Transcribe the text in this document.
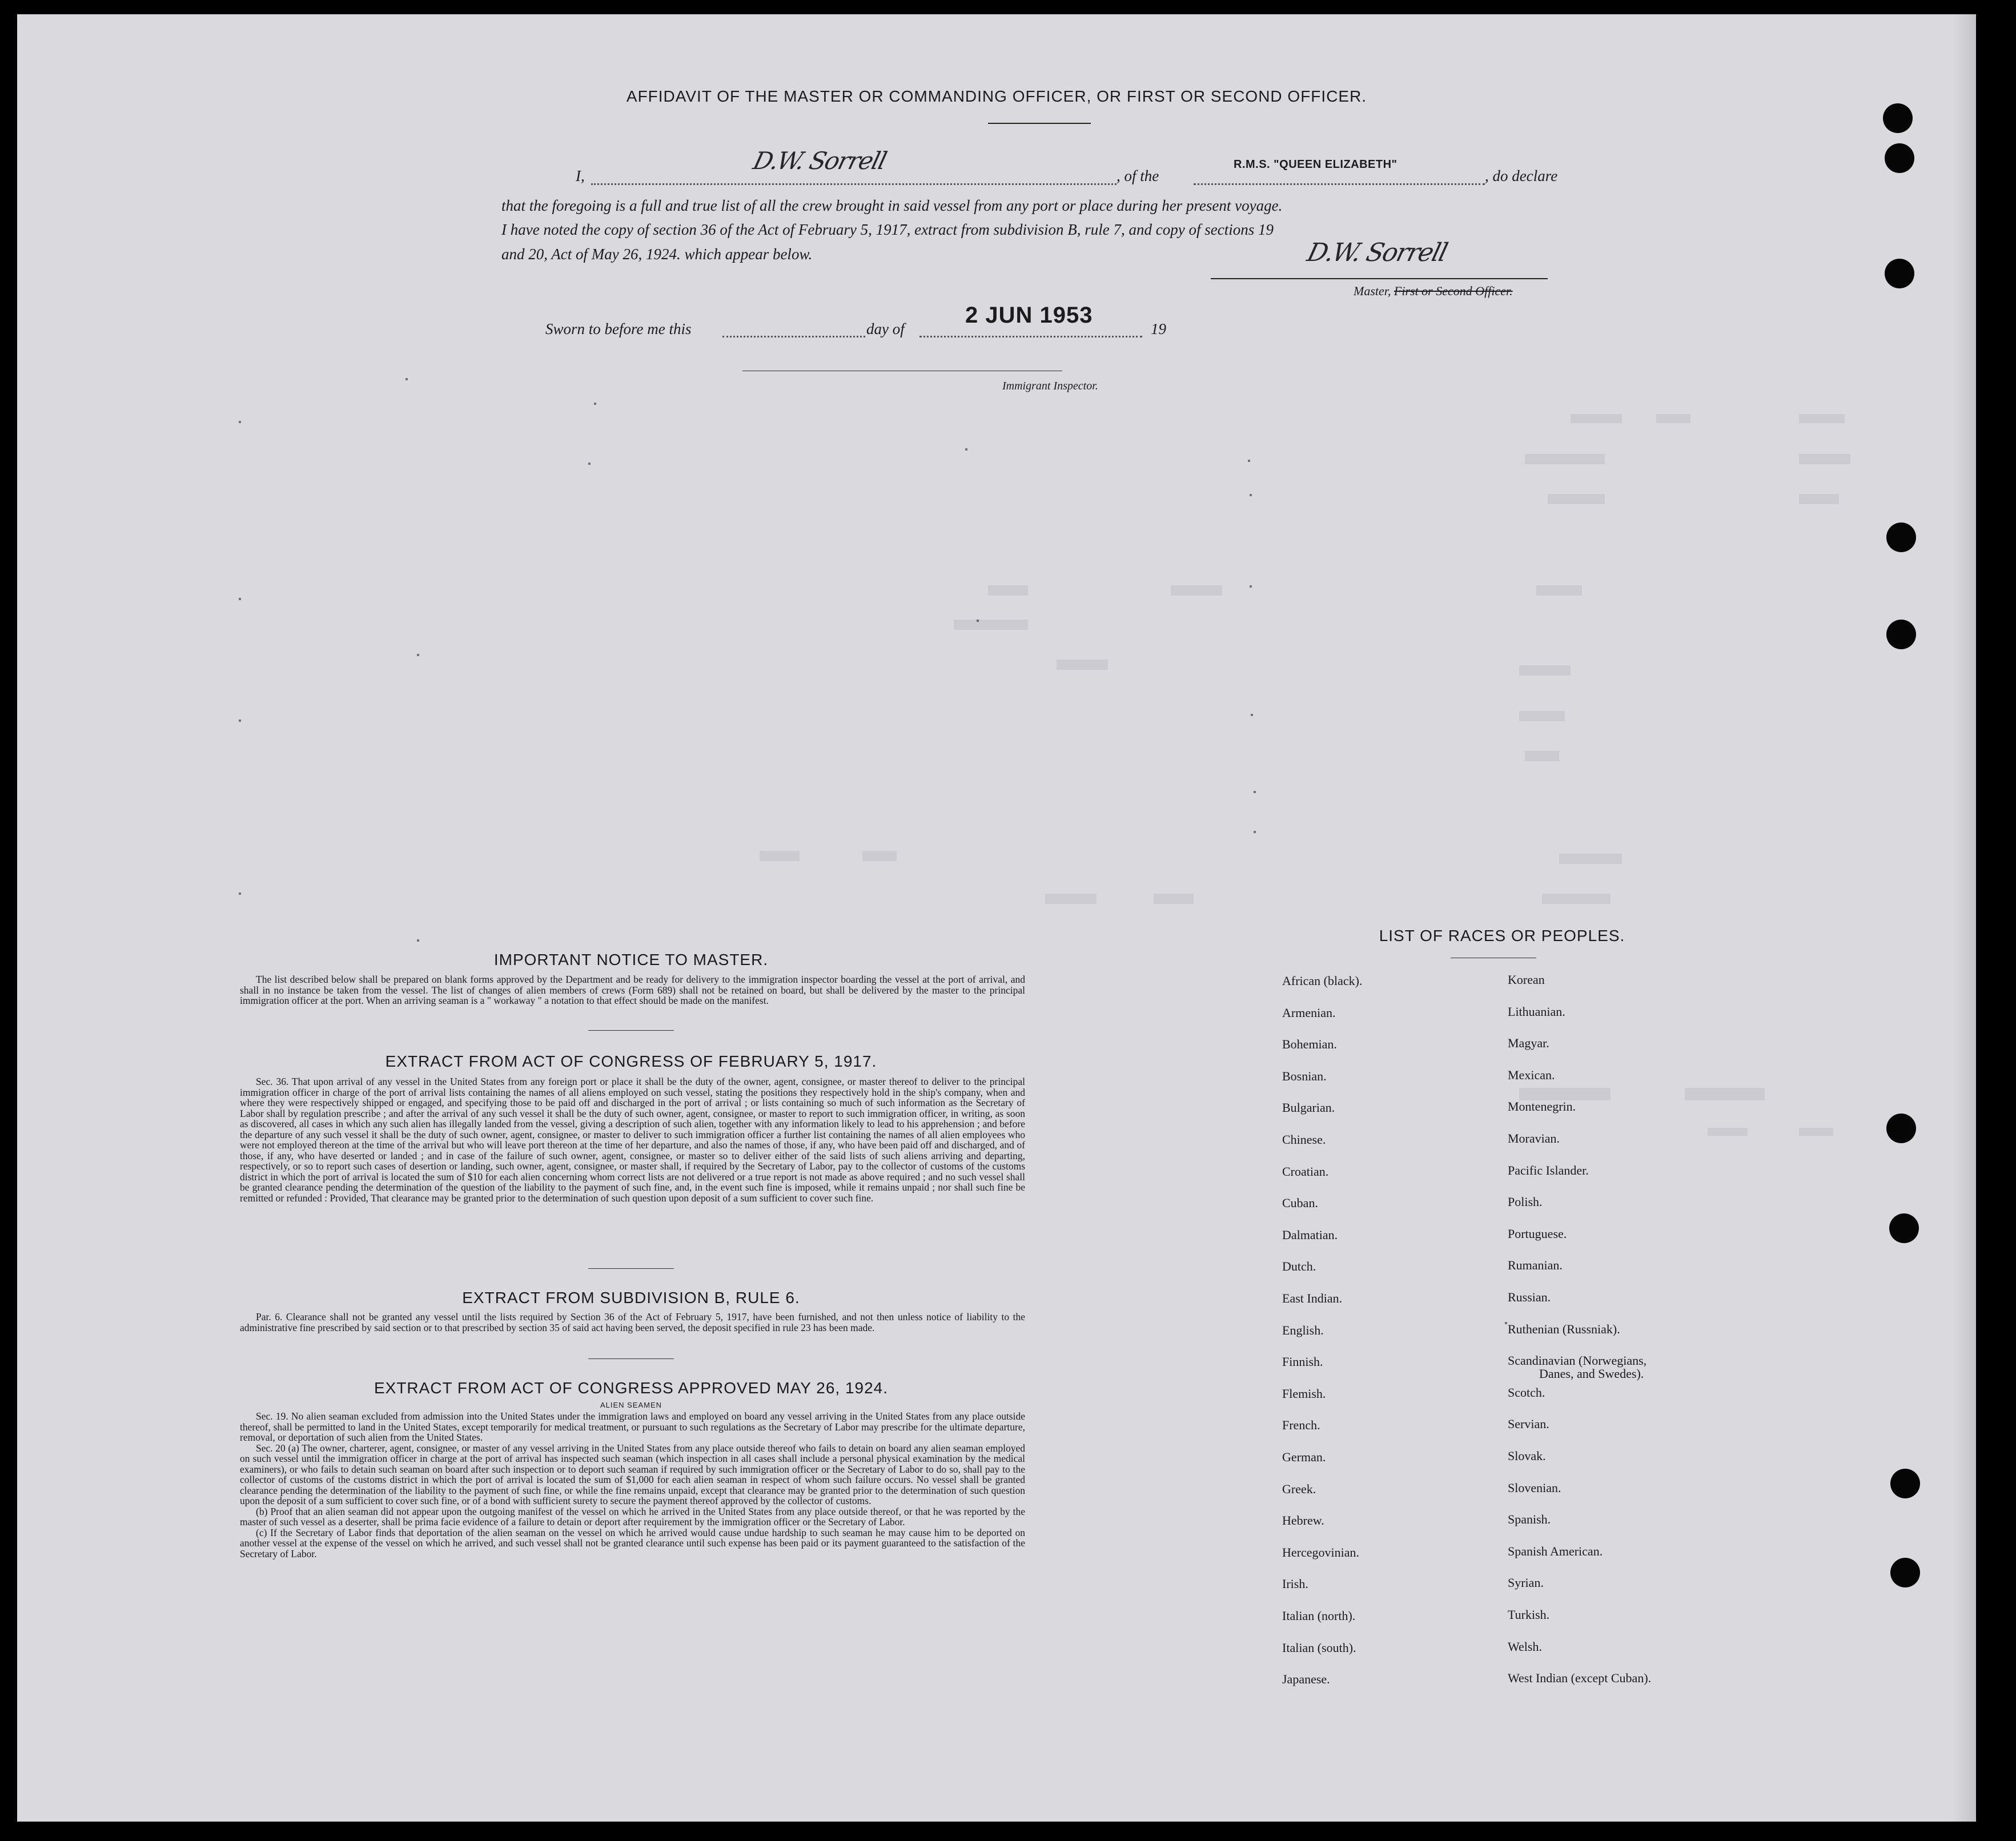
AFFIDAVIT OF THE MASTER OR COMMANDING OFFICER, OR FIRST OR SECOND OFFICER.
I,
D.W. Sorrell
, of the
R.M.S. "QUEEN ELIZABETH"
, do declare
that the foregoing is a full and true list of all the crew brought in said vessel from any port or place during her present voyage.
I have noted the copy of section 36 of the Act of February 5, 1917, extract from subdivision B, rule 7, and copy of sections 19
and 20, Act of May 26, 1924. which appear below.	D.W. Sorrell
Master, First or Second Officer.
Sworn to before me this	day of
2 JUN 1953
19
Immigrant Inspector.
IMPORTANT NOTICE TO MASTER.
The list described below shall be prepared on blank forms approved by the Department and be ready for delivery to the immigration inspector boarding the vessel at the port of arrival, and shall in no instance be taken from the vessel. The list of changes of alien members of crews (Form 689) shall not be retained on board, but shall be delivered by the master to the principal immigration officer at the port. When an arriving seaman is a " workaway " a notation to that effect should be made on the manifest.
EXTRACT FROM ACT OF CONGRESS OF FEBRUARY 5, 1917.
Sec. 36. That upon arrival of any vessel in the United States from any foreign port or place it shall be the duty of the owner, agent, consignee, or master thereof to deliver to the principal immigration officer in charge of the port of arrival lists containing the names of all aliens employed on such vessel, stating the positions they respectively hold in the ship's company, when and where they were respectively shipped or engaged, and specifying those to be paid off and discharged in the port of arrival ; or lists containing so much of such information as the Secretary of Labor shall by regulation prescribe ; and after the arrival of any such vessel it shall be the duty of such owner, agent, consignee, or master to report to such immigration officer, in writing, as soon as discovered, all cases in which any such alien has illegally landed from the vessel, giving a description of such alien, together with any information likely to lead to his apprehension ; and before the departure of any such vessel it shall be the duty of such owner, agent, consignee, or master to deliver to such immigration officer a further list containing the names of all alien employees who were not employed thereon at the time of the arrival but who will leave port thereon at the time of her departure, and also the names of those, if any, who have been paid off and discharged, and of those, if any, who have deserted or landed ; and in case of the failure of such owner, agent, consignee, or master so to deliver either of the said lists of such aliens arriving and departing, respectively, or so to report such cases of desertion or landing, such owner, agent, consignee, or master shall, if required by the Secretary of Labor, pay to the collector of customs of the customs district in which the port of arrival is located the sum of $10 for each alien concerning whom correct lists are not delivered or a true report is not made as above required ; and no such vessel shall be granted clearance pending the determination of the question of the liability to the payment of such fine, and, in the event such fine is imposed, while it remains unpaid ; nor shall such fine be remitted or refunded : Provided, That clearance may be granted prior to the determination of such question upon deposit of a sum sufficient to cover such fine.
EXTRACT FROM SUBDIVISION B, RULE 6.
Par. 6. Clearance shall not be granted any vessel until the lists required by Section 36 of the Act of February 5, 1917, have been furnished, and not then unless notice of liability to the administrative fine prescribed by said section or to that prescribed by section 35 of said act having been served, the deposit specified in rule 23 has been made.
EXTRACT FROM ACT OF CONGRESS APPROVED MAY 26, 1924.
ALIEN SEAMEN
Sec. 19. No alien seaman excluded from admission into the United States under the immigration laws and employed on board any vessel arriving in the United States from any place outside thereof, shall be permitted to land in the United States, except temporarily for medical treatment, or pursuant to such regulations as the Secretary of Labor may prescribe for the ultimate departure, removal, or deportation of such alien from the United States.
Sec. 20 (a) The owner, charterer, agent, consignee, or master of any vessel arriving in the United States from any place outside thereof who fails to detain on board any alien seaman employed on such vessel until the immigration officer in charge at the port of arrival has inspected such seaman (which inspection in all cases shall include a personal physical examination by the medical examiners), or who fails to detain such seaman on board after such inspection or to deport such seaman if required by such immigration officer or the Secretary of Labor to do so, shall pay to the collector of customs of the customs district in which the port of arrival is located the sum of $1,000 for each alien seaman in respect of whom such failure occurs. No vessel shall be granted clearance pending the determination of the liability to the payment of such fine, or while the fine remains unpaid, except that clearance may be granted prior to the determination of such question upon the deposit of a sum sufficient to cover such fine, or of a bond with sufficient surety to secure the payment thereof approved by the collector of customs.
(b) Proof that an alien seaman did not appear upon the outgoing manifest of the vessel on which he arrived in the United States from any place outside thereof, or that he was reported by the master of such vessel as a deserter, shall be prima facie evidence of a failure to detain or deport after requirement by the immigration officer or the Secretary of Labor.
(c) If the Secretary of Labor finds that deportation of the alien seaman on the vessel on which he arrived would cause undue hardship to such seaman he may cause him to be deported on another vessel at the expense of the vessel on which he arrived, and such vessel shall not be granted clearance until such expense has been paid or its payment guaranteed to the satisfaction of the Secretary of Labor.
LIST OF RACES OR PEOPLES.
African (black).
Armenian.
Bohemian.
Bosnian.
Bulgarian.
Chinese.
Croatian.
Cuban.
Dalmatian.
Dutch.
East Indian.
English.
Finnish.
Flemish.
French.
German.
Greek.
Hebrew.
Hercegovinian.
Irish.
Italian (north).
Italian (south).
Japanese.
Korean
Lithuanian.
Magyar.
Mexican.
Montenegrin.
Moravian.
Pacific Islander.
Polish.
Portuguese.
Rumanian.
Russian.
Ruthenian (Russniak).
Scandinavian (Norwegians,
Danes, and Swedes).
Scotch.
Servian.
Slovak.
Slovenian.
Spanish.
Spanish American.
Syrian.
Turkish.
Welsh.
West Indian (except Cuban).
